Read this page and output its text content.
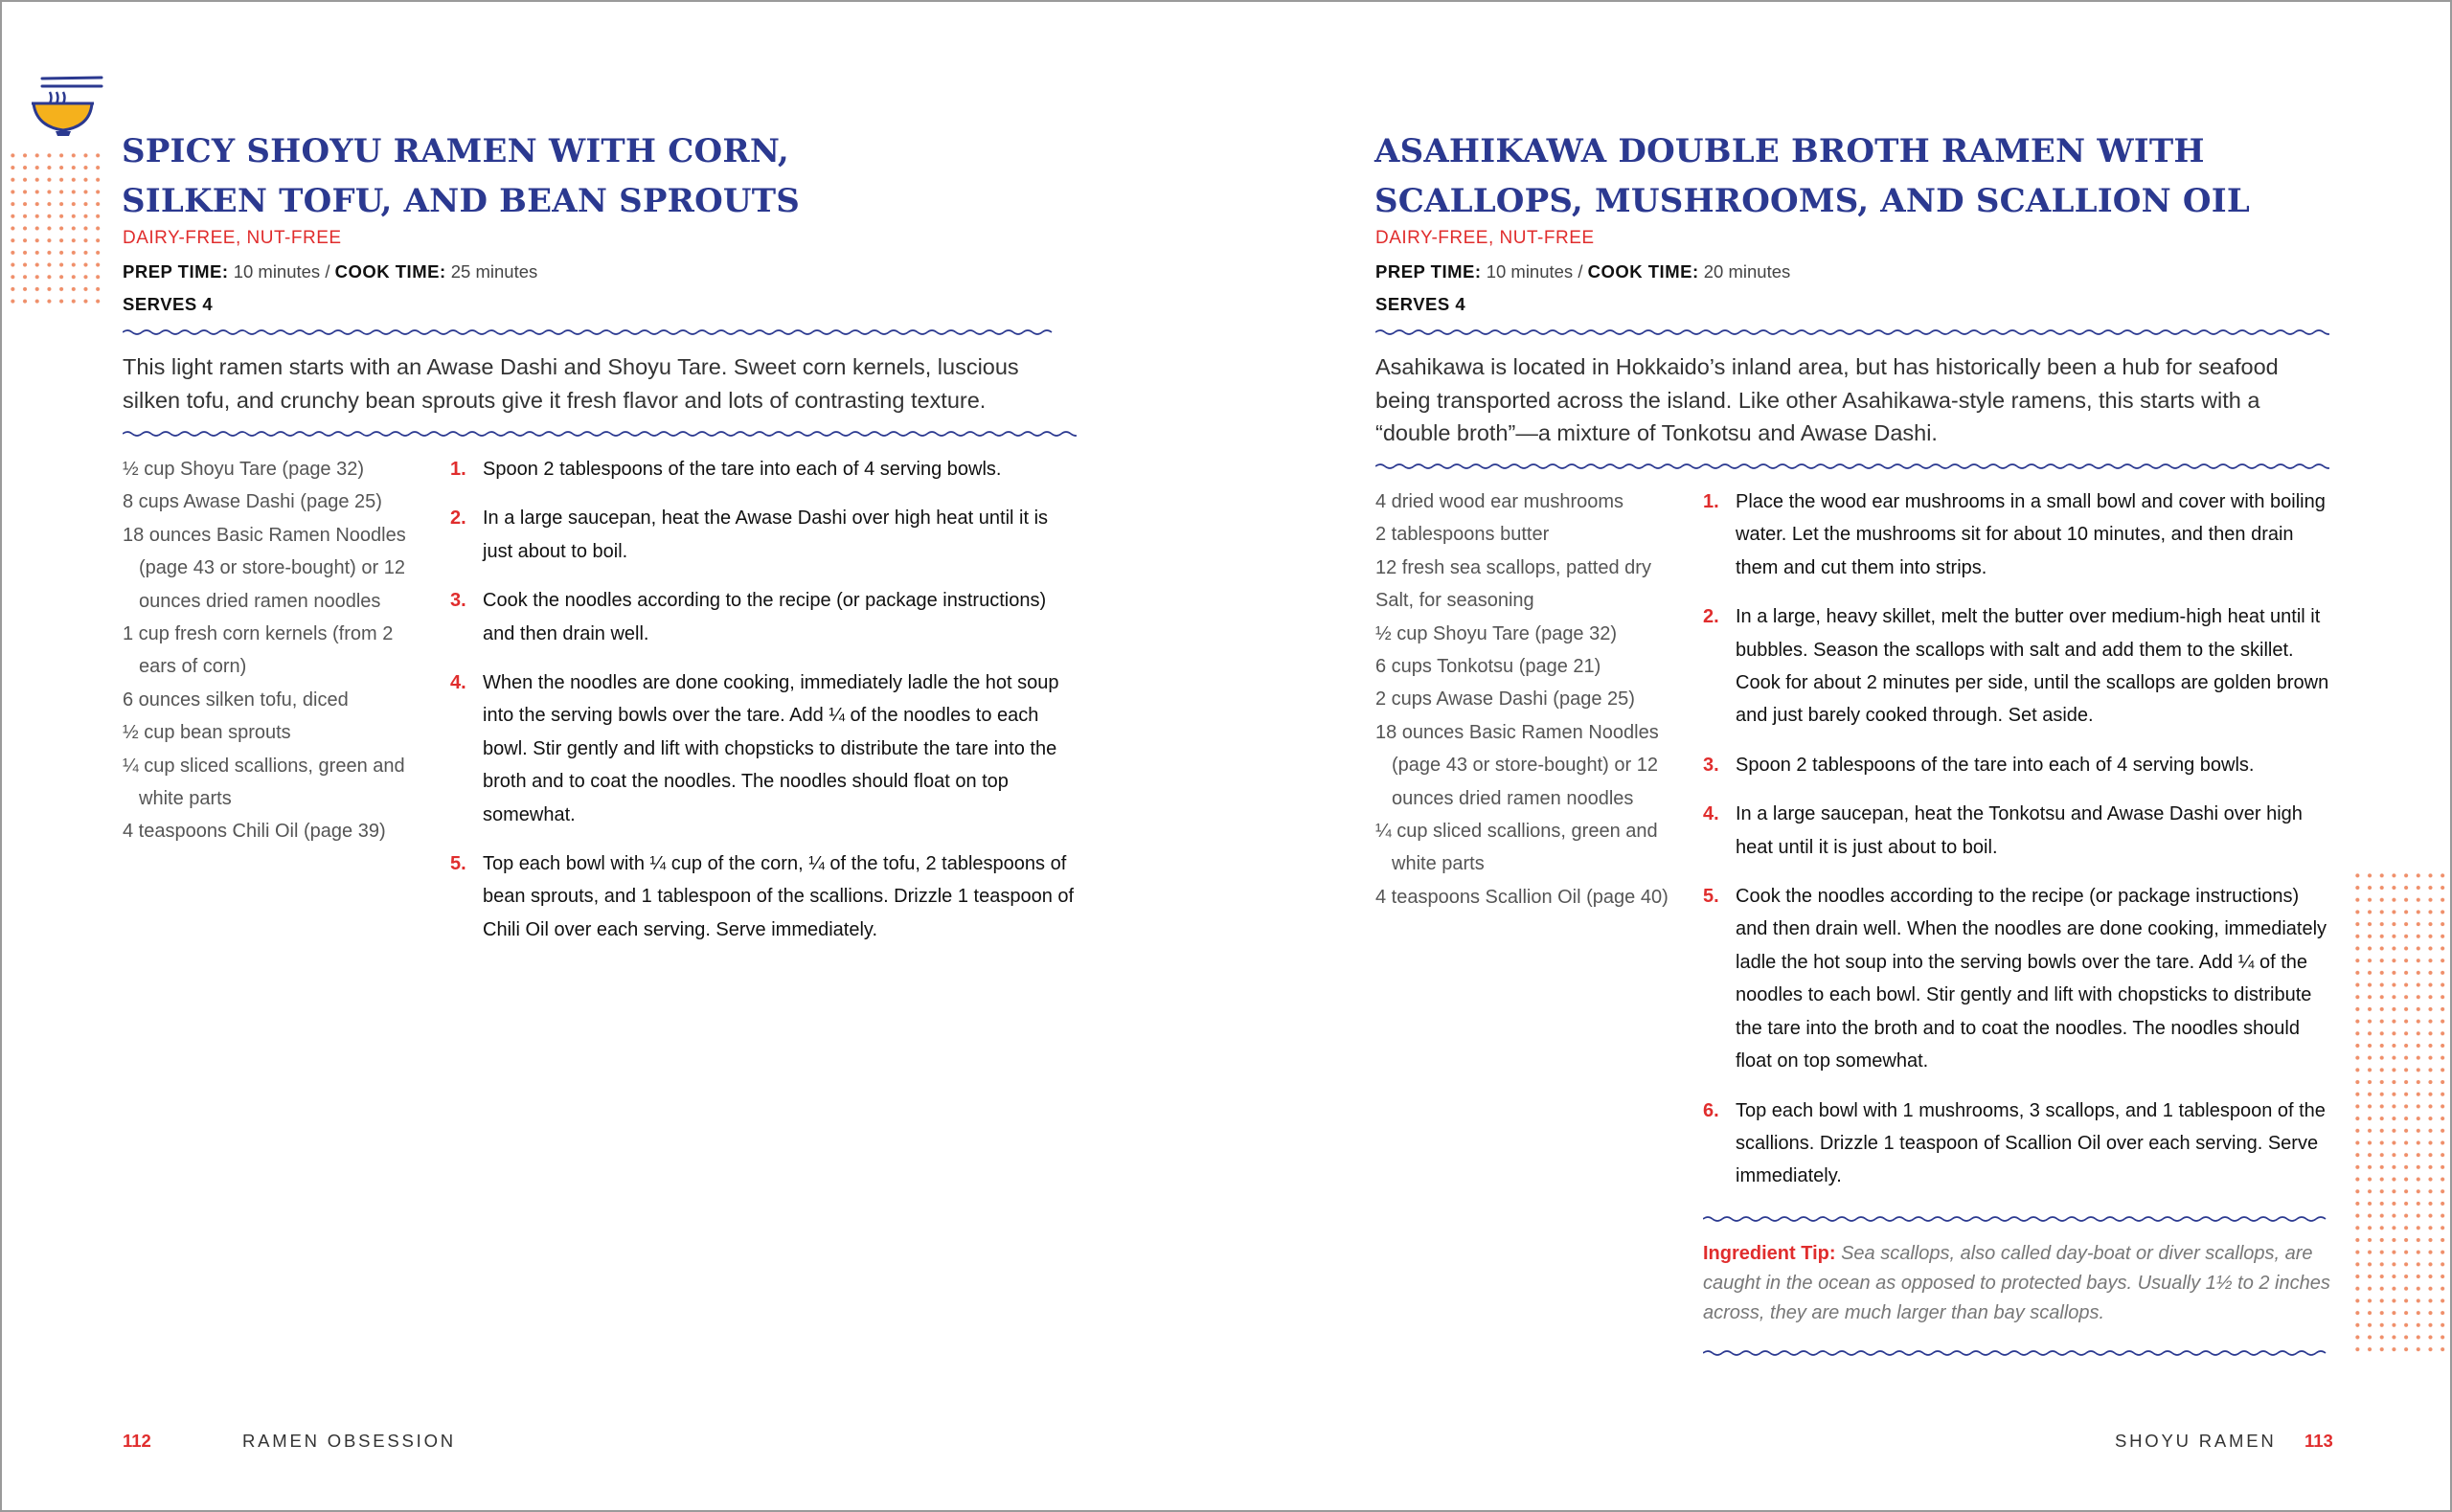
SPICY SHOYU RAMEN WITH CORN,
SILKEN TOFU, AND BEAN SPROUTS
DAIRY-FREE, NUT-FREE
PREP TIME: 10 minutes / COOK TIME: 25 minutes
SERVES 4

This light ramen starts with an Awase Dashi and Shoyu Tare. Sweet corn kernels, luscious silken tofu, and crunchy bean sprouts give it fresh flavor and lots of contrasting texture.

½ cup Shoyu Tare (page 32)
8 cups Awase Dashi (page 25)
18 ounces Basic Ramen Noodles (page 43 or store-bought) or 12 ounces dried ramen noodles
1 cup fresh corn kernels (from 2 ears of corn)
6 ounces silken tofu, diced
½ cup bean sprouts
¼ cup sliced scallions, green and white parts
4 teaspoons Chili Oil (page 39)
1. Spoon 2 tablespoons of the tare into each of 4 serving bowls.
2. In a large saucepan, heat the Awase Dashi over high heat until it is just about to boil.
3. Cook the noodles according to the recipe (or package instructions) and then drain well.
4. When the noodles are done cooking, immediately ladle the hot soup into the serving bowls over the tare. Add ¼ of the noodles to each bowl. Stir gently and lift with chopsticks to distribute the tare into the broth and to coat the noodles. The noodles should float on top somewhat.
5. Top each bowl with ¼ cup of the corn, ¼ of the tofu, 2 tablespoons of bean sprouts, and 1 tablespoon of the scallions. Drizzle 1 teaspoon of Chili Oil over each serving. Serve immediately.
112	RAMEN OBSESSION
ASAHIKAWA DOUBLE BROTH RAMEN WITH
SCALLOPS, MUSHROOMS, AND SCALLION OIL
DAIRY-FREE, NUT-FREE
PREP TIME: 10 minutes / COOK TIME: 20 minutes
SERVES 4

Asahikawa is located in Hokkaido’s inland area, but has historically been a hub for seafood being transported across the island. Like other Asahikawa-style ramens, this starts with a “double broth”—a mixture of Tonkotsu and Awase Dashi.

4 dried wood ear mushrooms
2 tablespoons butter
12 fresh sea scallops, patted dry
Salt, for seasoning
½ cup Shoyu Tare (page 32)
6 cups Tonkotsu (page 21)
2 cups Awase Dashi (page 25)
18 ounces Basic Ramen Noodles (page 43 or store-bought) or 12 ounces dried ramen noodles
¼ cup sliced scallions, green and white parts
4 teaspoons Scallion Oil (page 40)
1. Place the wood ear mushrooms in a small bowl and cover with boiling water. Let the mushrooms sit for about 10 minutes, and then drain them and cut them into strips.
2. In a large, heavy skillet, melt the butter over medium-high heat until it bubbles. Season the scallops with salt and add them to the skillet. Cook for about 2 minutes per side, until the scallops are golden brown and just barely cooked through. Set aside.
3. Spoon 2 tablespoons of the tare into each of 4 serving bowls.
4. In a large saucepan, heat the Tonkotsu and Awase Dashi over high heat until it is just about to boil.
5. Cook the noodles according to the recipe (or package instructions) and then drain well. When the noodles are done cooking, immediately ladle the hot soup into the serving bowls over the tare. Add ¼ of the noodles to each bowl. Stir gently and lift with chopsticks to distribute the tare into the broth and to coat the noodles. The noodles should float on top somewhat.
6. Top each bowl with 1 mushrooms, 3 scallops, and 1 tablespoon of the scallions. Drizzle 1 teaspoon of Scallion Oil over each serving. Serve immediately.

Ingredient Tip: Sea scallops, also called day-boat or diver scallops, are caught in the ocean as opposed to protected bays. Usually 1½ to 2 inches across, they are much larger than bay scallops.

SHOYU RAMEN 113
